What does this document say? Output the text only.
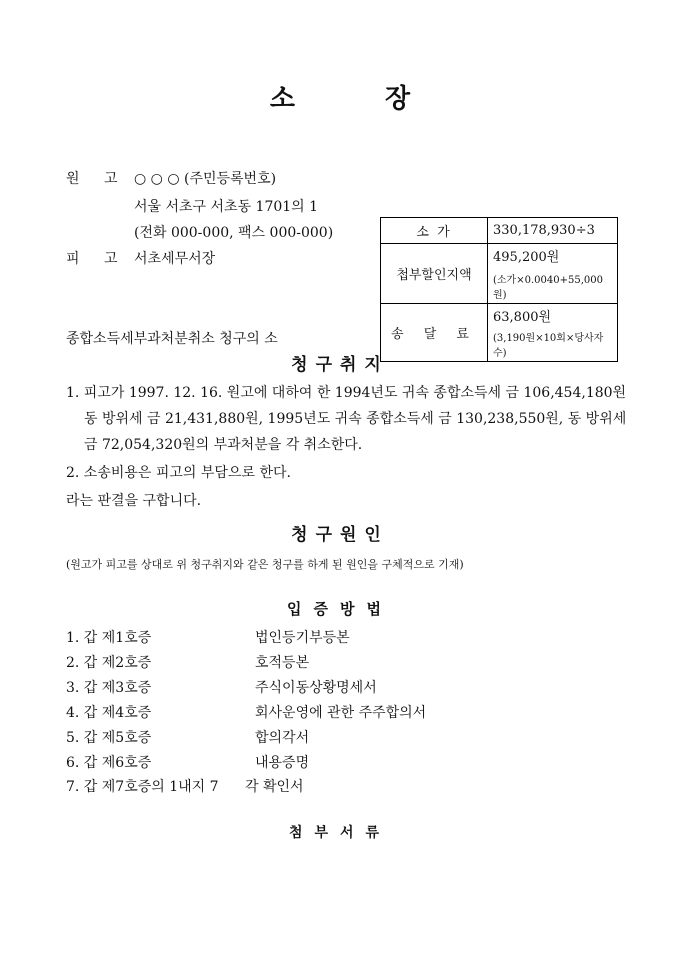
소	장
원 고 ○ ○ ○ (주민등록번호)
서울 서초구 서초동 1701의 1
(전화 000-000, 팩스 000-000)
피 고 서초세무서장
소 가	330,178,930÷3
첩부할인지액	495,200원
(소가×0.0040+55,000원)

송 달 료	63,800원
(3,190원×10회×당사자수)
종합소득세부과처분취소 청구의 소
청구취지
1. 피고가 1997. 12. 16. 원고에 대하여 한 1994년도 귀속 종합소득세 금 106,454,180원
동 방위세 금 21,431,880원, 1995년도 귀속 종합소득세 금 130,238,550원, 동 방위세
금 72,054,320원의 부과처분을 각 취소한다.
2. 소송비용은 피고의 부담으로 한다.
라는 판결을 구합니다.
청구원인
(원고가 피고를 상대로 위 청구취지와 같은 청구를 하게 된 원인을 구체적으로 기재)
입증방법
1. 갑 제1호증	법인등기부등본
2. 갑 제2호증	호적등본
3. 갑 제3호증	주식이동상황명세서
4. 갑 제4호증	회사운영에 관한 주주합의서
5. 갑 제5호증	합의각서
6. 갑 제6호증	내용증명
7. 갑 제7호증의 1내지 7 각 확인서
첨부서류
